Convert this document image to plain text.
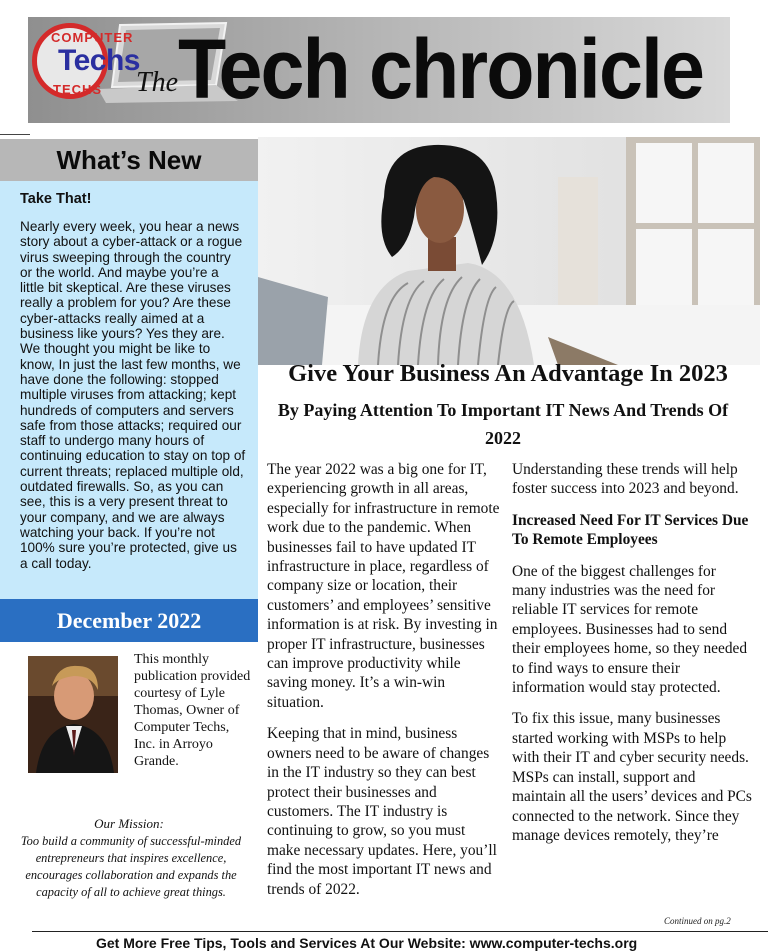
COMPUTER
TECHS
Techs
The Tech chronicle
What’s New

Take That!

Nearly every week, you hear a news story about a cyber-attack or a rogue virus sweeping through the country or the world. And maybe you’re a little bit skeptical. Are these viruses really a problem for you? Are these cyber-attacks really aimed at a business like yours? Yes they are. We thought you might be like to know, In just the last few months, we have done the following: stopped multiple viruses from attacking; kept hundreds of computers and servers safe from those attacks; required our staff to undergo many hours of continuing education to stay on top of current threats; replaced multiple old, outdated firewalls. So, as you can see, this is a very present threat to your company, and we are always watching your back. If you’re not 100% sure you’re protected, give us a call today.

December 2022

This monthly publication provided courtesy of Lyle Thomas, Owner of Computer Techs, Inc. in Arroyo Grande.

Our Mission:

Too build a community of successful-minded entrepreneurs that inspires excellence, encourages collaboration and expands the capacity of all to achieve great things.

Give Your Business An Advantage In 2023
By Paying Attention To Important IT News And Trends Of 2022

The year 2022 was a big one for IT, experiencing growth in all areas, especially for infrastructure in remote work due to the pandemic. When businesses fail to have updated IT infrastructure in place, regardless of company size or location, their customers’ and employees’ sensitive information is at risk. By investing in proper IT infrastructure, businesses can improve productivity while saving money. It’s a win-win situation.

Keeping that in mind, business owners need to be aware of changes in the IT industry so they can best protect their businesses and customers. The IT industry is continuing to grow, so you must make necessary updates. Here, you’ll find the most important IT news and trends of 2022.

Understanding these trends will help foster success into 2023 and beyond.

Increased Need For IT Services Due To Remote Employees

One of the biggest challenges for many industries was the need for reliable IT services for remote employees. Businesses had to send their employees home, so they needed to find ways to ensure their information would stay protected.

To fix this issue, many businesses started working with MSPs to help with their IT and cyber security needs. MSPs can install, support and maintain all the users’ devices and PCs connected to the network. Since they manage devices remotely, they’re

Continued on pg.2
Get More Free Tips, Tools and Services At Our Website: www.computer-techs.org
